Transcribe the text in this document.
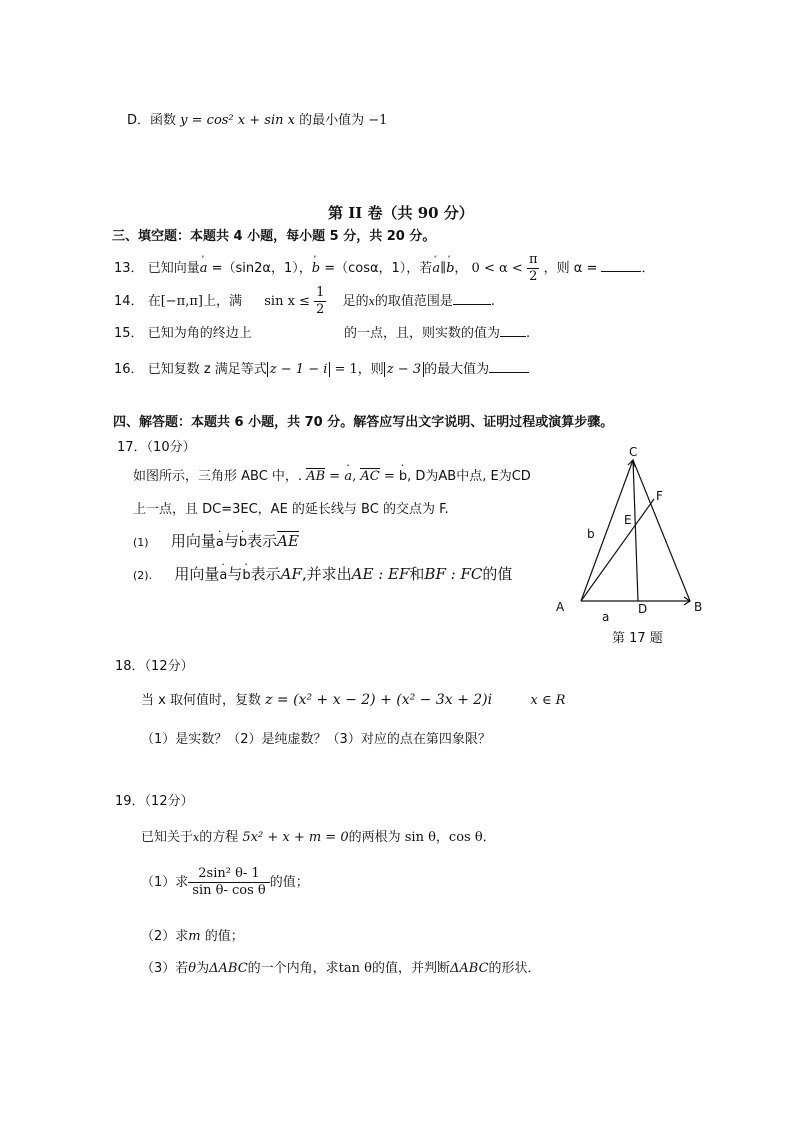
D．函数 y = cos² x + sin x 的最小值为 −1
第 II 卷（共 90 分）
三、填空题：本题共 4 小题，每小题 5 分，共 20 分。
13． 已知向量˅ a =（sin2α，1），˅ b =（cosα，1），若˅ a∥˅ b， $0 < \alpha < \frac{\pi}{2}$ ，则 α =	．
14． 在[−π,π]上，满 $\sin x \le \frac{1}{2}$ 足的x的取值范围是	.
15． 已知为角的终边上	的一点，且，则实数的值为 .
16． 已知复数 z 满足等式 z − 1 − i = 1，则 z − 3 的最大值为
四、解答题：本题共 6 小题，共 70 分。解答应写出文字说明、证明过程或演算步骤。
17．（10分）
如图所示，三角形 ABC 中，. AB = · a, AC = · b, D为AB中点, E为CD
上一点，且 DC=3EC，AE 的延长线与 BC 的交点为 F.
(1) 用向量· a与· b表示AE
(2). 用向量· a与· b表示AF,并求出AE : EF和BF : FC的值
C
A	B
D
E
F
b
a
第 17 题
18．（12分）
当 x 取何值时，复数 z = (x² + x − 2) + (x² − 3x + 2)i	x ∈ R
（1）是实数？（2）是纯虚数？（3）对应的点在第四象限？
19．（12分）
已知关于x的方程 5x² + x + m = 0的两根为 sin θ，cos θ．
（1）求 $\frac{\text{2sin² θ- 1}}{\text{sin θ- cos θ}}$ 的值；
（2）求m 的值；
（3）若θ为ΔABC的一个内角，求tan θ的值，并判断ΔABC的形状．
